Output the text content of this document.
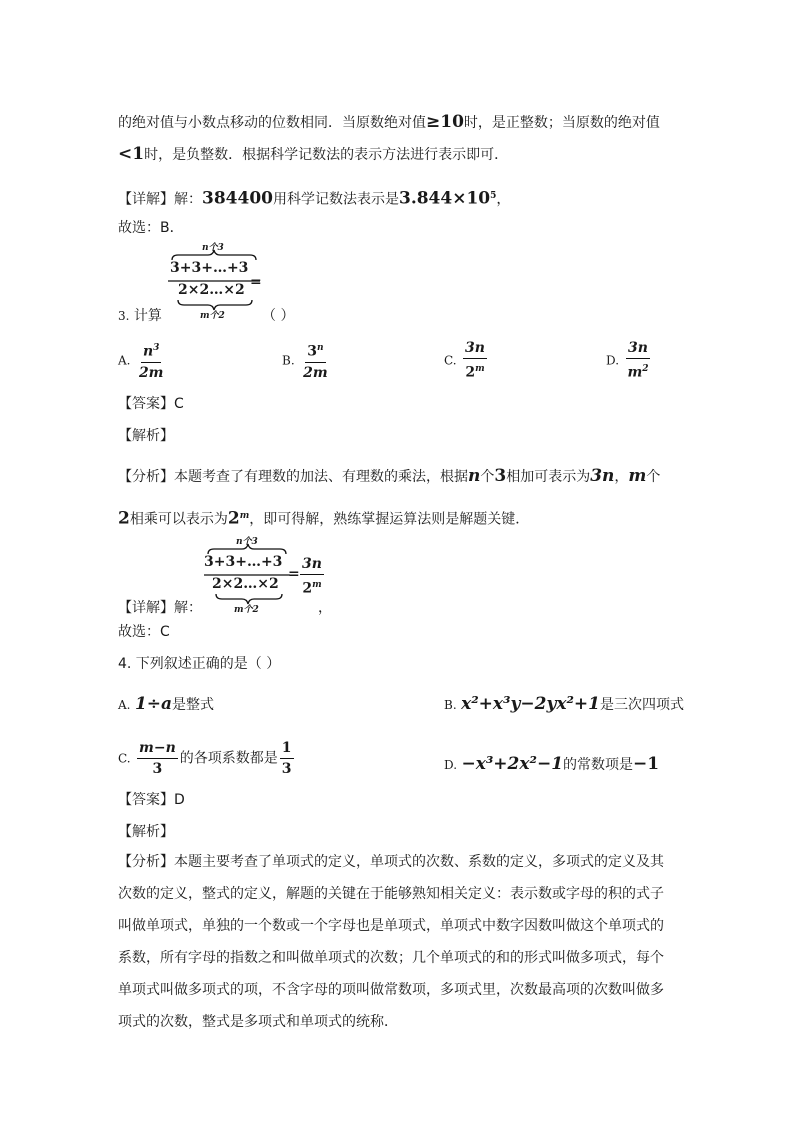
的绝对值与小数点移动的位数相同．当原数绝对值≥10时，是正整数；当原数的绝对值
<1时，是负整数．根据科学记数法的表示方法进行表示即可．
【详解】解：384400用科学记数法表示是$3.844\times 10^5$，
故选：B．
n个3
3+3+…+3
2×2…×2
m个2
=
3. 计算	（ ）
A. $\frac{n^3}{2m}$	B. $\frac{3^n}{2m}$	C. $\frac{3n}{2^m}$	D. $\frac{3n}{m^2}$
【答案】C
【解析】
【分析】本题考查了有理数的加法、有理数的乘法，根据n个3相加可表示为3n，m个
2相乘可以表示为2$^m$，即可得解，熟练掌握运算法则是解题关键．
n个3
3+3+…+3
2×2…×2
m个2
= $\frac{3n}{2^m}$
【详解】解：	，
故选：C
4. 下列叙述正确的是（ ）
A. 1÷a是整式	B. x²+x³y−2yx²+1是三次四项式
C. $\frac{m-n}{3}$ 的各项系数都是 $\frac{1}{3}$	D. −x³+2x²−1的常数项是−1
【答案】D
【解析】
【分析】本题主要考查了单项式的定义，单项式的次数、系数的定义，多项式的定义及其
次数的定义，整式的定义，解题的关键在于能够熟知相关定义：表示数或字母的积的式子
叫做单项式，单独的一个数或一个字母也是单项式，单项式中数字因数叫做这个单项式的
系数，所有字母的指数之和叫做单项式的次数；几个单项式的和的形式叫做多项式，每个
单项式叫做多项式的项，不含字母的项叫做常数项，多项式里，次数最高项的次数叫做多
项式的次数，整式是多项式和单项式的统称．
